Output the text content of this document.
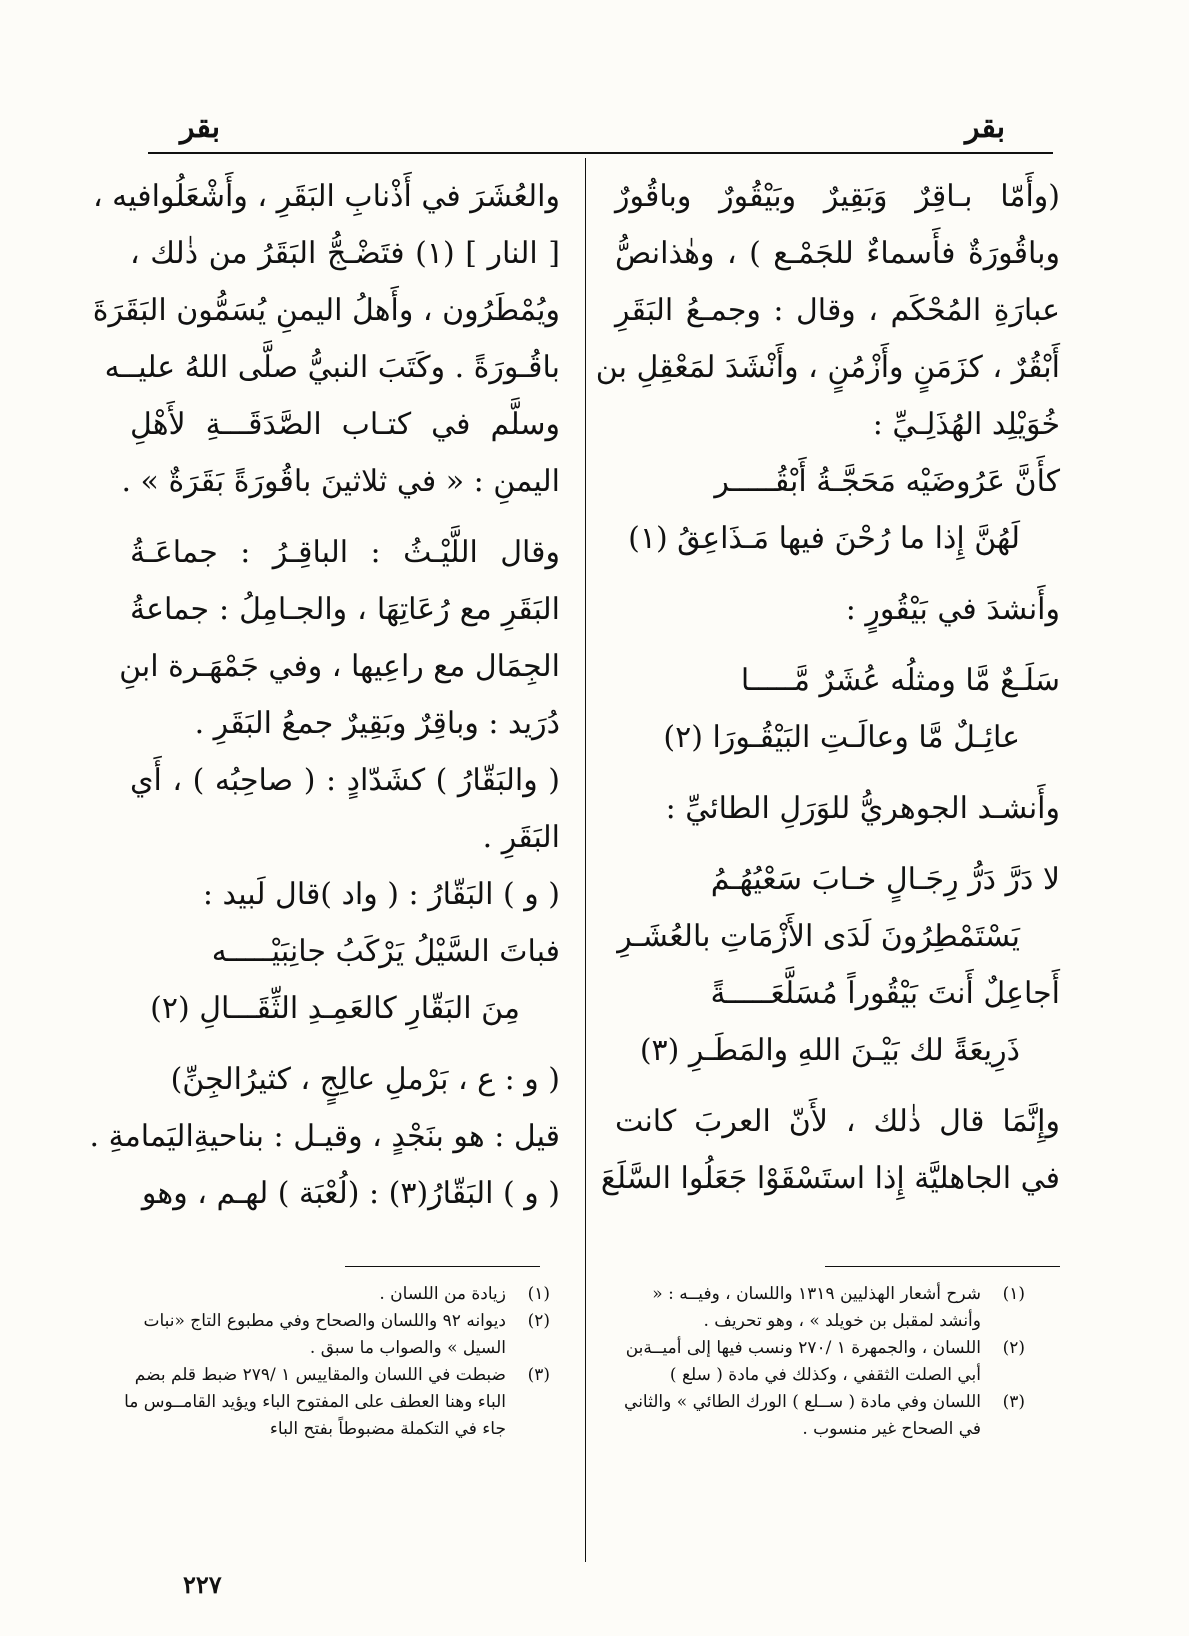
بقر	بقر
(وأَمّا بـاقِرٌ وَبَقِيرٌ وبَيْقُورٌ وباقُورٌ
وباقُورَةٌ فأَسماءٌ للجَمْـع ) ، وهٰذانصُّ
عبارَةِ المُحْكَم ، وقال : وجمـعُ البَقَرِ
أَبْقُرٌ ، كزَمَنٍ وأَزْمُنٍ ، وأَنْشَدَ لمَعْقِلِ بن
خُوَيْلِد الهُذَلِـيِّ :
كأَنَّ عَرُوضَيْه مَحَجَّـةُ أَبْقُـــــر
لَهُنَّ إِذا ما رُحْنَ فيها مَـذَاعِقُ (١)
وأَنشدَ في بَيْقُورٍ :
سَلَـعٌ مَّا ومثلُه عُشَرٌ مَّـــــا
عائِـلٌ مَّا وعالَـتِ البَيْقُـورَا (٢)
وأَنشـد الجوهريُّ للوَرَلِ الطائيِّ :
لا دَرَّ دَرُّ رِجَـالٍ خـابَ سَعْيُهُـمُ
يَسْتَمْطِرُونَ لَدَى الأَزْمَاتِ بالعُشَـرِ
أَجاعِلٌ أَنتَ بَيْقُوراً مُسَلَّعَـــــةً
ذَرِيعَةً لك بَيْـنَ اللهِ والمَطَـرِ (٣)
وإِنَّمَا قال ذٰلك ، لأَنّ العربَ كانت
في الجاهليَّة إِذا استَسْقَوْا جَعَلُوا السَّلَعَ
والعُشَرَ في أَذْنابِ البَقَرِ ، وأَشْعَلُوافيه ،
[ النار ] (١) فتَضْـجُّ البَقَرُ من ذٰلك ،
ويُمْطَرُون ، وأَهلُ اليمنِ يُسَمُّون البَقَرَةَ
باقُـورَةً . وكَتَبَ النبيُّ صلَّى اللهُ عليــه
وسلَّم في كتـاب الصَّدَقَـــةِ لأَهْلِ
اليمنِ : « في ثلاثينَ باقُورَةً بَقَرَةٌ » .
وقال اللَّيْـثُ : الباقِـرُ : جماعَـةُ
البَقَرِ مع رُعَاتِهَا ، والجـامِلُ : جماعةُ
الجِمَال مع راعِيها ، وفي جَمْهَـرة ابنِ
دُرَيد : وباقِرٌ وبَقِيرٌ جمعُ البَقَرِ .
( والبَقّارُ ) كشَدّادٍ : ( صاحِبُه ) ، أَي
البَقَرِ .
( و ) البَقّارُ : ( واد )قال لَبيد :
فباتَ السَّيْلُ يَرْكَبُ جانِبَيْـــــه
مِنَ البَقّارِ كالعَمِـدِ الثِّقَـــالِ (٢)
( و : ع ، بَرْملِ عالِجٍ ، كثيرُالجِنِّ)
قيل : هو بنَجْدٍ ، وقيـل : بناحيةِاليَمامةِ .
( و ) البَقّارُ(٣) : (لُعْبَة ) لهـم ، وهو
(١)
شرح أشعار الهذليين ١٣١٩ واللسان ، وفيــه : « وأنشد لمقبل بن خويلد » ، وهو تحريف .
(٢)
اللسان ، والجمهرة ١ /٢٧٠ ونسب فيها إلى أميــةبن أبي الصلت الثقفي ، وكذلك في مادة ( سلع )
(٣)
اللسان وفي مادة ( ســلع ) الورك الطائي » والثاني في الصحاح غير منسوب .
(١)
زيادة من اللسان .
(٢)
ديوانه ٩٢ واللسان والصحاح وفي مطبوع التاج «نبات السيل » والصواب ما سبق .
(٣)
ضبطت في اللسان والمقاييس ١ /٢٧٩ ضبط قلم بضم الباء وهنا العطف على المفتوح الباء ويؤيد القامــوس ما جاء في التكملة مضبوطاً بفتح الباء
٢٢٧
